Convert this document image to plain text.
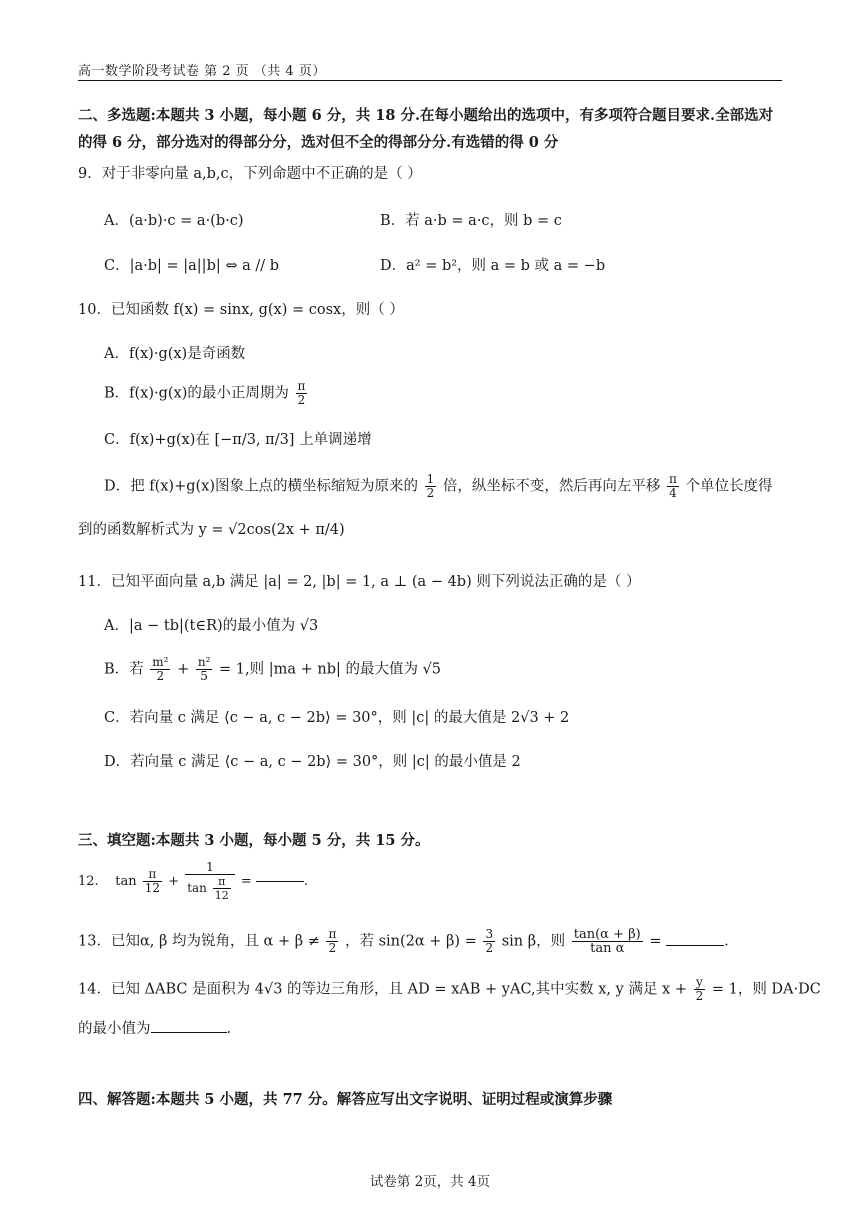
高一数学阶段考试卷 第 2 页 （共 4 页）
二、多选题:本题共 3 小题，每小题 6 分，共 18 分.在每小题给出的选项中，有多项符合题目要求.全部选对
的得 6 分，部分选对的得部分分，选对但不全的得部分分.有选错的得 0 分
9．对于非零向量 a,b,c，下列命题中不正确的是（ ）
A．(a·b)·c = a·(b·c)	B．若 a·b = a·c，则 b = c
C．|a·b| = |a||b| ⇔ a // b	D．a² = b²，则 a = b 或 a = −b
10．已知函数 f(x) = sinx, g(x) = cosx，则（ ）
A．f(x)·g(x)是奇函数
B．f(x)·g(x)的最小正周期为 $\frac{\pi}{2}$
C．f(x)+g(x)在 [−π/3, π/3] 上单调递增
D．把 f(x)+g(x)图象上点的横坐标缩短为原来的 $\frac{1}{2}$ 倍，纵坐标不变，然后再向左平移 $\frac{\pi}{4}$ 个单位长度得
到的函数解析式为 y = √2cos(2x + π/4)
11．已知平面向量 a,b 满足 |a| = 2, |b| = 1, a ⊥ (a − 4b) 则下列说法正确的是（ ）
A．|a − tb|(t∈R)的最小值为 √3
B．若 $\frac{\text{m²}}{2} + \frac{\text{n²}}{5} = 1$,则 |ma + nb| 的最大值为 √5
C．若向量 c 满足 ⟨c − a, c − 2b⟩ = 30°，则 |c| 的最大值是 2√3 + 2
D．若向量 c 满足 ⟨c − a, c − 2b⟩ = 30°，则 |c| 的最小值是 2
三、填空题:本题共 3 小题，每小题 5 分，共 15 分。
12. $\tan \frac{\pi}{12} + \frac{1}{\tan \frac{\pi}{12}}$ =	.
13．已知α, β 均为锐角，且 $\alpha + \beta \ne \frac{\pi}{2}$ ，若 $\sin(2\alpha + \beta) = \frac{3}{2}$ sin β，则 $\frac{\tan(\alpha + \beta)}{\text{tan α}}$ =	.
14．已知 ΔABC 是面积为 4√3 的等边三角形，且 AD = xAB + yAC,其中实数 x, y 满足 $x + \frac{y}{2} = 1$，则 DA·DC
的最小值为	.
四、解答题:本题共 5 小题，共 77 分。解答应写出文字说明、证明过程或演算步骤
试卷第 2页，共 4页
